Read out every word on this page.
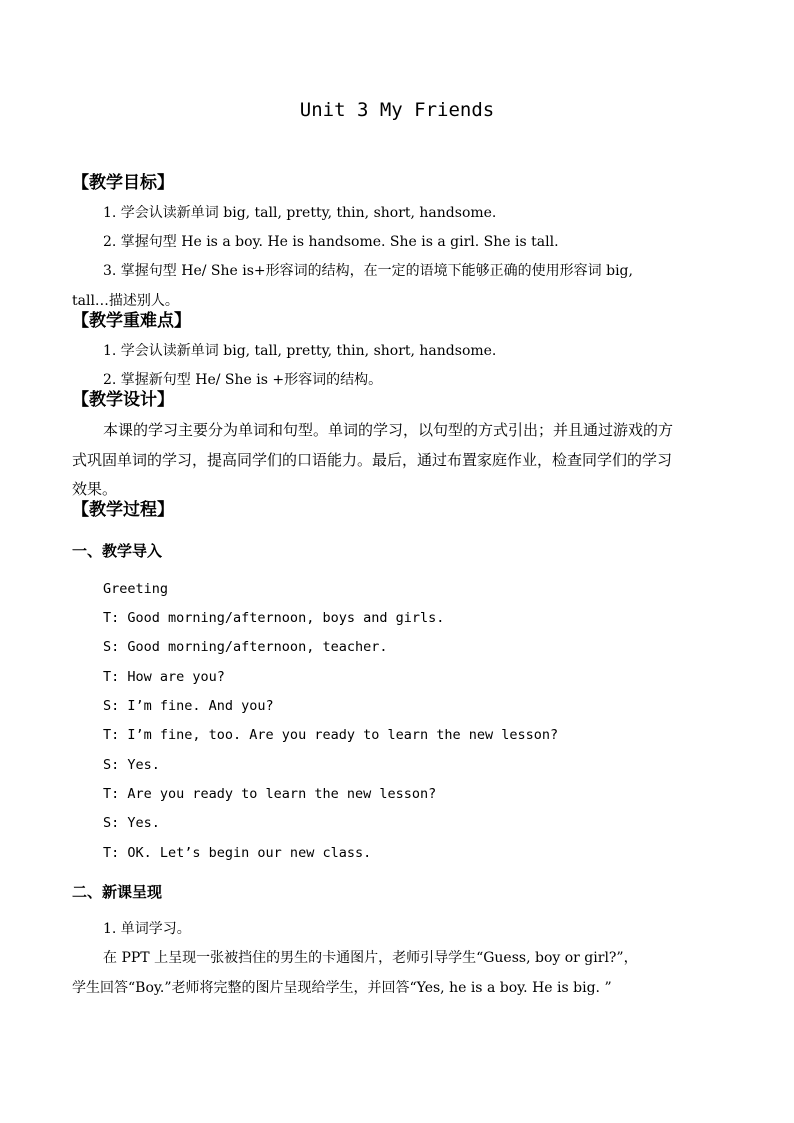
Unit 3 My Friends
【教学目标】
1. 学会认读新单词 big, tall, pretty, thin, short, handsome.
2. 掌握句型 He is a boy. He is handsome. She is a girl. She is tall.
3. 掌握句型 He/ She is+形容词的结构，在一定的语境下能够正确的使用形容词 big,
tall…描述别人。
【教学重难点】
1. 学会认读新单词 big, tall, pretty, thin, short, handsome.
2. 掌握新句型 He/ She is +形容词的结构。
【教学设计】
本课的学习主要分为单词和句型。单词的学习，以句型的方式引出；并且通过游戏的方
式巩固单词的学习，提高同学们的口语能力。最后，通过布置家庭作业，检查同学们的学习
效果。
【教学过程】
一、教学导入
Greeting
T: Good morning/afternoon, boys and girls.
S: Good morning/afternoon, teacher.
T: How are you?
S: I’m fine. And you?
T: I’m fine, too. Are you ready to learn the new lesson?
S: Yes.
T: Are you ready to learn the new lesson?
S: Yes.
T: OK. Let’s begin our new class.
二、新课呈现
1. 单词学习。
在 PPT 上呈现一张被挡住的男生的卡通图片，老师引导学生“Guess, boy or girl?”，
学生回答“Boy.”老师将完整的图片呈现给学生，并回答“Yes, he is a boy. He is big. ”
